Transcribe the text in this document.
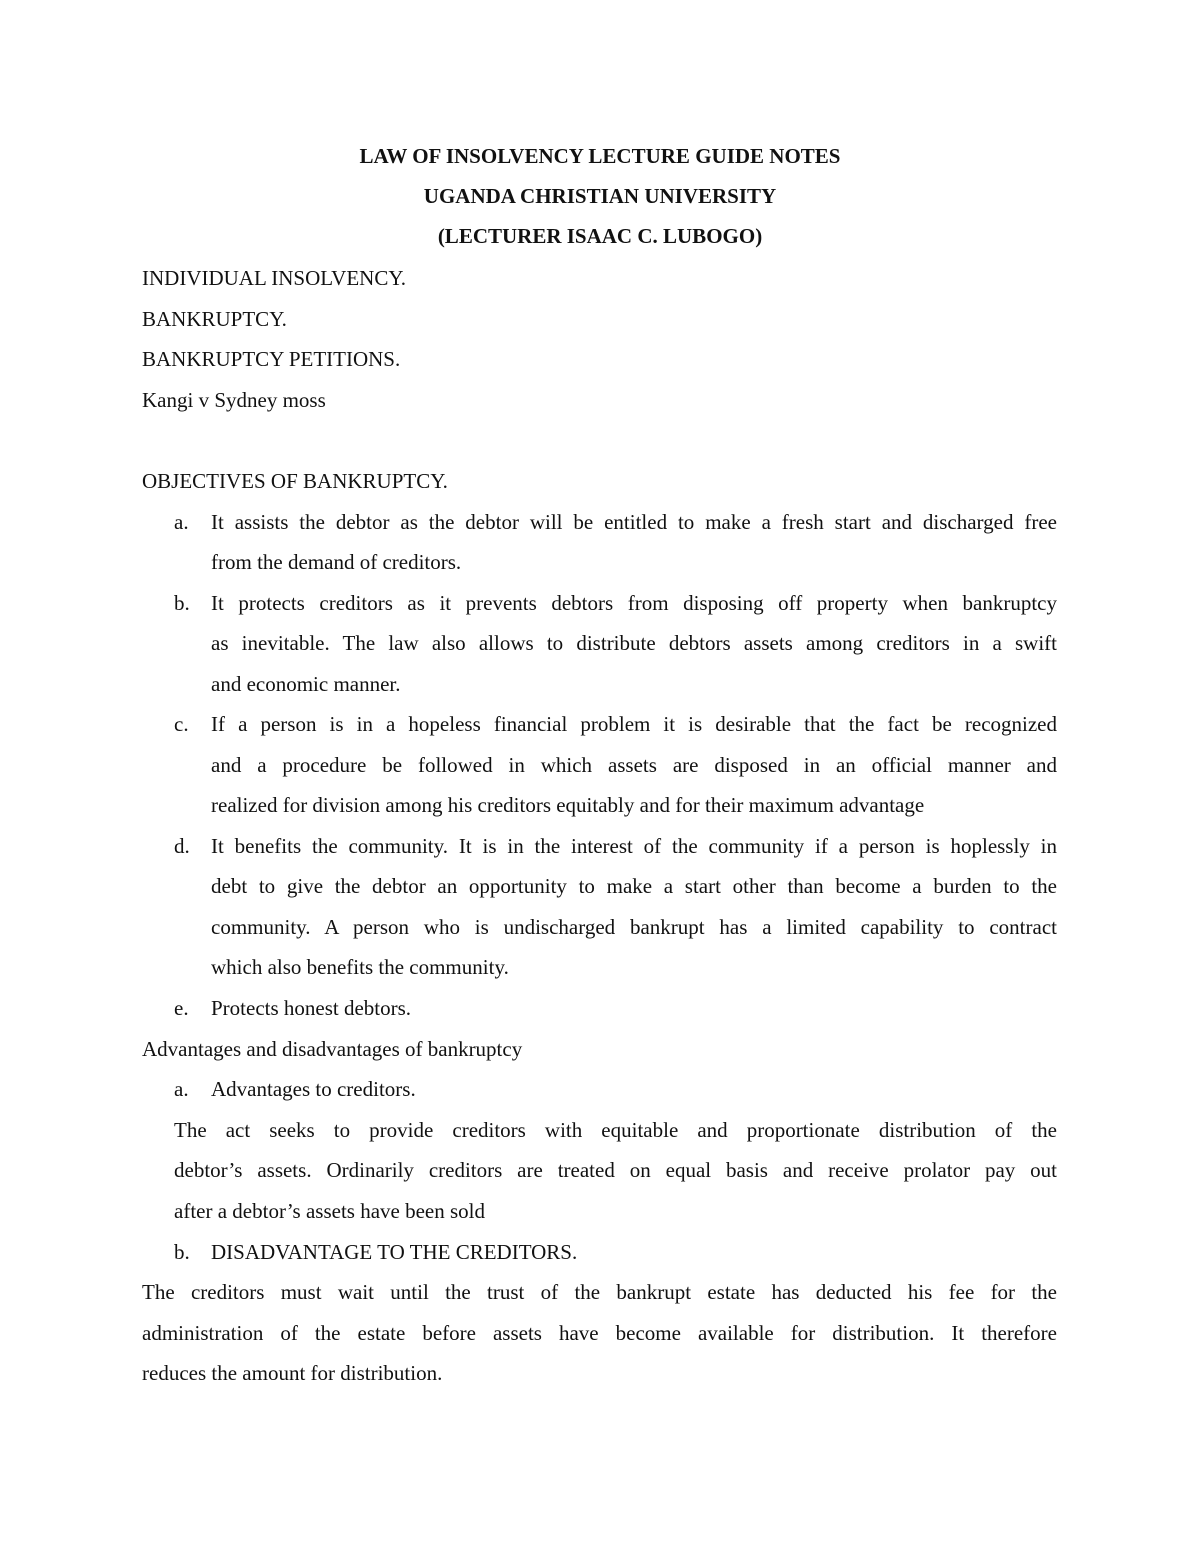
LAW OF INSOLVENCY LECTURE GUIDE NOTES
UGANDA CHRISTIAN UNIVERSITY
(LECTURER ISAAC C. LUBOGO)
INDIVIDUAL INSOLVENCY.
BANKRUPTCY.
BANKRUPTCY PETITIONS.
Kangi v Sydney moss
OBJECTIVES OF BANKRUPTCY.
a. It assists the debtor as the debtor will be entitled to make a fresh start and discharged free
from the demand of creditors.
b. It protects creditors as it prevents debtors from disposing off property when bankruptcy
as inevitable. The law also allows to distribute debtors assets among creditors in a swift
and economic manner.
c. If a person is in a hopeless financial problem it is desirable that the fact be recognized
and a procedure be followed in which assets are disposed in an official manner and
realized for division among his creditors equitably and for their maximum advantage
d. It benefits the community. It is in the interest of the community if a person is hoplessly in
debt to give the debtor an opportunity to make a start other than become a burden to the
community. A person who is undischarged bankrupt has a limited capability to contract
which also benefits the community.
e. Protects honest debtors.
Advantages and disadvantages of bankruptcy
a. Advantages to creditors.
The act seeks to provide creditors with equitable and proportionate distribution of the
debtor’s assets. Ordinarily creditors are treated on equal basis and receive prolator pay out
after a debtor’s assets have been sold
b. DISADVANTAGE TO THE CREDITORS.
The creditors must wait until the trust of the bankrupt estate has deducted his fee for the
administration of the estate before assets have become available for distribution. It therefore
reduces the amount for distribution.
